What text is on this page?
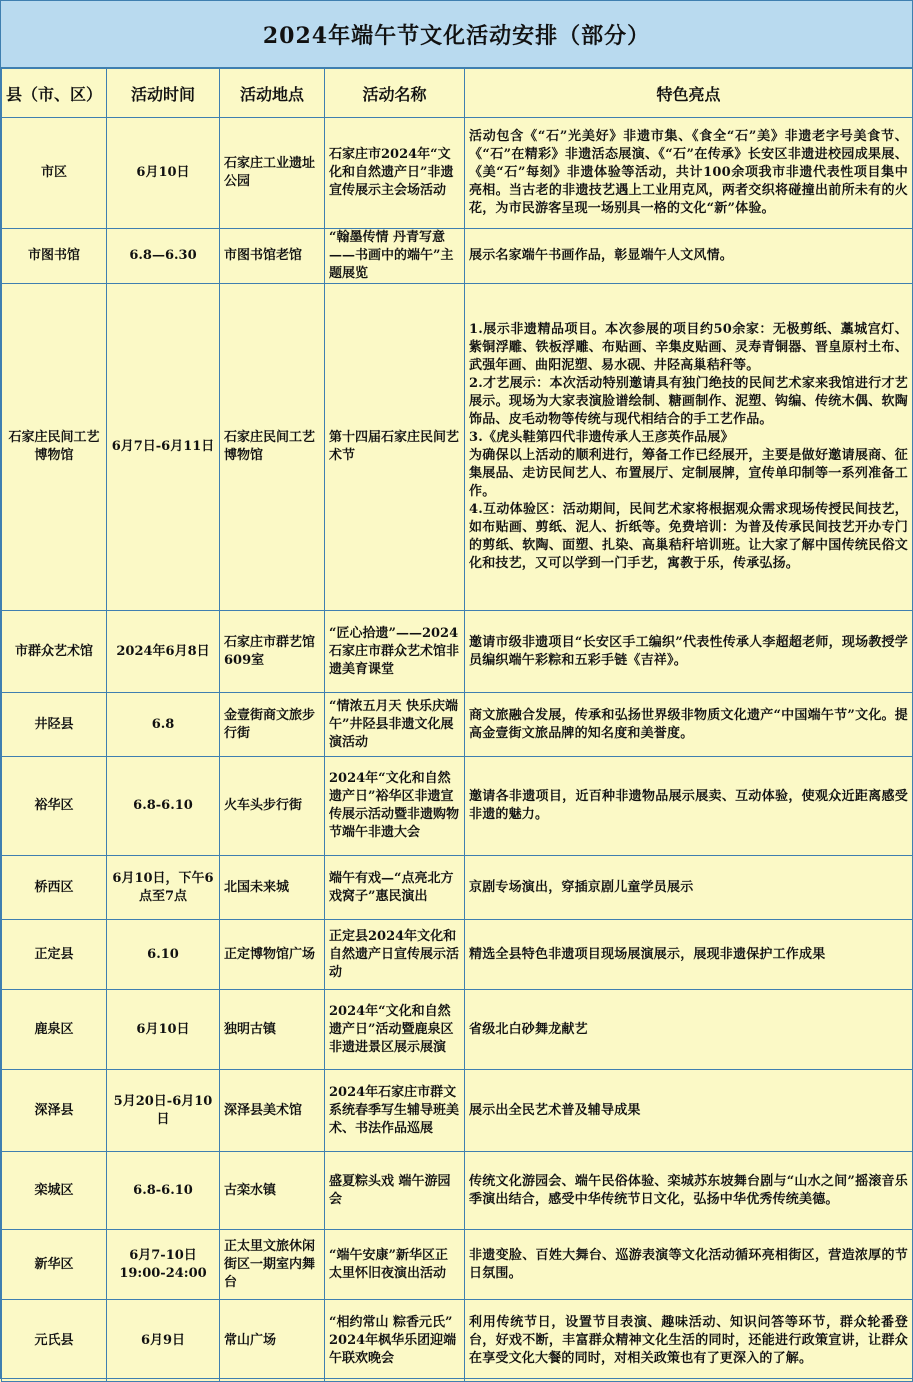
2024年端午节文化活动安排（部分）
县（市、区）	活动时间	活动地点	活动名称	特色亮点
市区	6月10日	石家庄工业遗址公园	石家庄市2024年“文化和自然遗产日”非遗宣传展示主会场活动	活动包含《“石”光美好》非遗市集、《食全“石”美》非遗老字号美食节、《“石”在精彩》非遗活态展演、《“石”在传承》长安区非遗进校园成果展、《美“石”每刻》非遗体验等活动，共计100余项我市非遗代表性项目集中亮相。当古老的非遗技艺遇上工业用克风，两者交织将碰撞出前所未有的火花，为市民游客呈现一场别具一格的文化“新”体验。

市图书馆	6.8—6.30	市图书馆老馆	“翰墨传情 丹青写意——书画中的端午”主题展览	展示名家端午书画作品，彰显端午人文风情。

石家庄民间工艺博物馆	6月7日-6月11日	石家庄民间工艺博物馆	第十四届石家庄民间艺术节	1.展示非遗精品项目。本次参展的项目约50余家：无极剪纸、藁城宫灯、紫铜浮雕、铁板浮雕、布贴画、辛集皮贴画、灵寿青铜器、晋皇原村土布、武强年画、曲阳泥塑、易水砚、井陉高巢秸秆等。
2.才艺展示：本次活动特别邀请具有独门绝技的民间艺术家来我馆进行才艺展示。现场为大家表演脸谱绘制、糖画制作、泥塑、钩编、传统木偶、软陶饰品、皮毛动物等传统与现代相结合的手工艺作品。
3.《虎头鞋第四代非遗传承人王彦英作品展》
为确保以上活动的顺利进行，筹备工作已经展开，主要是做好邀请展商、征集展品、走访民间艺人、布置展厅、定制展牌，宣传单印制等一系列准备工作。
4.互动体验区：活动期间，民间艺术家将根据观众需求现场传授民间技艺，如布贴画、剪纸、泥人、折纸等。免费培训：为普及传承民间技艺开办专门的剪纸、软陶、面塑、扎染、高巢秸秆培训班。让大家了解中国传统民俗文化和技艺，又可以学到一门手艺，寓教于乐，传承弘扬。

市群众艺术馆	2024年6月8日	石家庄市群艺馆609室	“匠心拾遗”——2024石家庄市群众艺术馆非遗美育课堂	邀请市级非遗项目“长安区手工编织”代表性传承人李超超老师，现场教授学员编织端午彩粽和五彩手链《吉祥》。

井陉县	6.8	金壹街商文旅步行街	“情浓五月天 快乐庆端午”井陉县非遗文化展演活动	商文旅融合发展，传承和弘扬世界级非物质文化遗产“中国端午节”文化。提高金壹街文旅品牌的知名度和美誉度。

裕华区	6.8-6.10	火车头步行街	2024年“文化和自然遗产日”裕华区非遗宣传展示活动暨非遗购物节端午非遗大会	邀请各非遗项目，近百种非遗物品展示展卖、互动体验，使观众近距离感受非遗的魅力。

桥西区	6月10日，下午6点至7点	北国未来城	端午有戏—“点亮北方戏窝子”惠民演出	京剧专场演出，穿插京剧儿童学员展示

正定县	6.10	正定博物馆广场	正定县2024年文化和自然遗产日宣传展示活动	精选全县特色非遗项目现场展演展示，展现非遗保护工作成果

鹿泉区	6月10日	独明古镇	2024年“文化和自然遗产日”活动暨鹿泉区非遗进景区展示展演	省级北白砂舞龙献艺

深泽县	5月20日-6月10日	深泽县美术馆	2024年石家庄市群文系统春季写生辅导班美术、书法作品巡展	展示出全民艺术普及辅导成果

栾城区	6.8-6.10	古栾水镇	盛夏粽头戏 端午游园会	传统文化游园会、端午民俗体验、栾城苏东坡舞台剧与“山水之间”摇滚音乐季演出结合，感受中华传统节日文化，弘扬中华优秀传统美德。

新华区	6月7-10日 19:00-24:00	正太里文旅休闲街区一期室内舞台	“端午安康”新华区正太里怀旧夜演出活动	非遗变脸、百姓大舞台、巡游表演等文化活动循环亮相街区，营造浓厚的节日氛围。

元氏县	6月9日	常山广场	“相约常山 粽香元氏” 2024年枫华乐团迎端午联欢晚会	利用传统节日，设置节目表演、趣味活动、知识问答等环节，群众轮番登台，好戏不断，丰富群众精神文化生活的同时，还能进行政策宣讲，让群众在享受文化大餐的同时，对相关政策也有了更深入的了解。
